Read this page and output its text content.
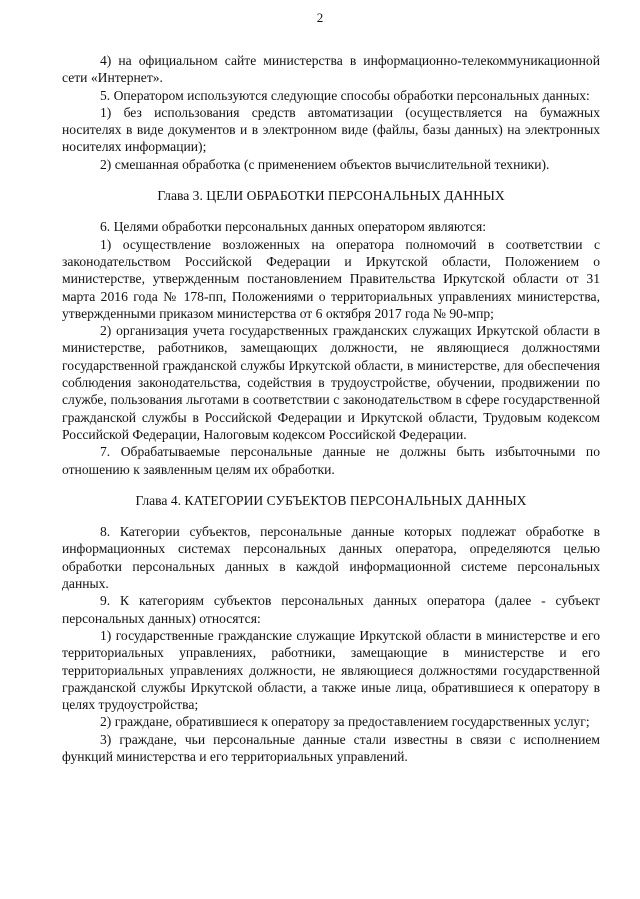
2

4) на официальном сайте министерства в информационно-телекоммуникационной сети «Интернет».

5. Оператором используются следующие способы обработки персональных данных:

1) без использования средств автоматизации (осуществляется на бумажных носителях в виде документов и в электронном виде (файлы, базы данных) на электронных носителях информации);

2) смешанная обработка (с применением объектов вычислительной техники).

Глава 3. ЦЕЛИ ОБРАБОТКИ ПЕРСОНАЛЬНЫХ ДАННЫХ

6. Целями обработки персональных данных оператором являются:

1) осуществление возложенных на оператора полномочий в соответствии с законодательством Российской Федерации и Иркутской области, Положением о министерстве, утвержденным постановлением Правительства Иркутской области от 31 марта 2016 года № 178-пп, Положениями о территориальных управлениях министерства, утвержденными приказом министерства от 6 октября 2017 года № 90-мпр;

2) организация учета государственных гражданских служащих Иркутской области в министерстве, работников, замещающих должности, не являющиеся должностями государственной гражданской службы Иркутской области, в министерстве, для обеспечения соблюдения законодательства, содействия в трудоустройстве, обучении, продвижении по службе, пользования льготами в соответствии с законодательством в сфере государственной гражданской службы в Российской Федерации и Иркутской области, Трудовым кодексом Российской Федерации, Налоговым кодексом Российской Федерации.

7. Обрабатываемые персональные данные не должны быть избыточными по отношению к заявленным целям их обработки.

Глава 4. КАТЕГОРИИ СУБЪЕКТОВ ПЕРСОНАЛЬНЫХ ДАННЫХ

8. Категории субъектов, персональные данные которых подлежат обработке в информационных системах персональных данных оператора, определяются целью обработки персональных данных в каждой информационной системе персональных данных.

9. К категориям субъектов персональных данных оператора (далее - субъект персональных данных) относятся:

1) государственные гражданские служащие Иркутской области в министерстве и его территориальных управлениях, работники, замещающие в министерстве и его территориальных управлениях должности, не являющиеся должностями государственной гражданской службы Иркутской области, а также иные лица, обратившиеся к оператору в целях трудоустройства;

2) граждане, обратившиеся к оператору за предоставлением государственных услуг;

3) граждане, чьи персональные данные стали известны в связи с исполнением функций министерства и его территориальных управлений.
